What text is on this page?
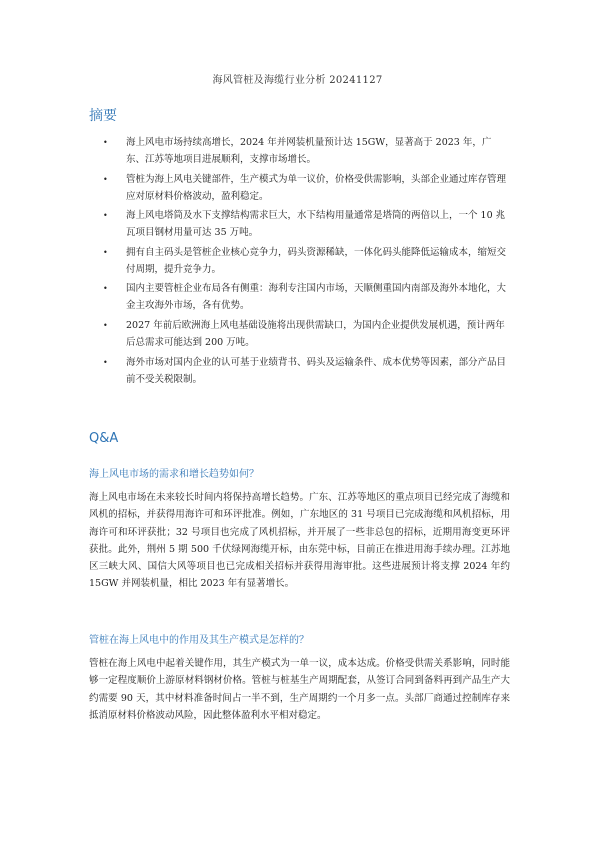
海风管桩及海缆行业分析 20241127
摘要
• 海上风电市场持续高增长，2024 年并网装机量预计达 15GW，显著高于 2023 年，广东、江苏等地项目进展顺利，支撑市场增长。
• 管桩为海上风电关键部件，生产模式为单一议价，价格受供需影响，头部企业通过库存管理应对原材料价格波动，盈利稳定。
• 海上风电塔筒及水下支撑结构需求巨大，水下结构用量通常是塔筒的两倍以上，一个 10 兆瓦项目钢材用量可达 35 万吨。
• 拥有自主码头是管桩企业核心竞争力，码头资源稀缺，一体化码头能降低运输成本，缩短交付周期，提升竞争力。
• 国内主要管桩企业布局各有侧重：海利专注国内市场，天顺侧重国内南部及海外本地化，大金主攻海外市场，各有优势。
• 2027 年前后欧洲海上风电基础设施将出现供需缺口，为国内企业提供发展机遇，预计两年后总需求可能达到 200 万吨。
• 海外市场对国内企业的认可基于业绩背书、码头及运输条件、成本优势等因素，部分产品目前不受关税限制。
Q&A
海上风电市场的需求和增长趋势如何？
海上风电市场在未来较长时间内将保持高增长趋势。广东、江苏等地区的重点项目已经完成了海缆和风机的招标，并获得用海许可和环评批准。例如，广东地区的 31 号项目已完成海缆和风机招标，用海许可和环评获批；32 号项目也完成了风机招标，并开展了一些非总包的招标，近期用海变更环评获批。此外，荆州 5 期 500 千伏绿网海缆开标，由东莞中标，目前正在推进用海手续办理。江苏地区三峡大风、国信大风等项目也已完成相关招标并获得用海审批。这些进展预计将支撑 2024 年约 15GW 并网装机量，相比 2023 年有显著增长。
管桩在海上风电中的作用及其生产模式是怎样的？
管桩在海上风电中起着关键作用，其生产模式为一单一议，成本达成。价格受供需关系影响，同时能够一定程度顺价上游原材料钢材价格。管桩与桩基生产周期配套，从签订合同到备料再到产品生产大约需要 90 天，其中材料准备时间占一半不到，生产周期约一个月多一点。头部厂商通过控制库存来抵消原材料价格波动风险，因此整体盈利水平相对稳定。
